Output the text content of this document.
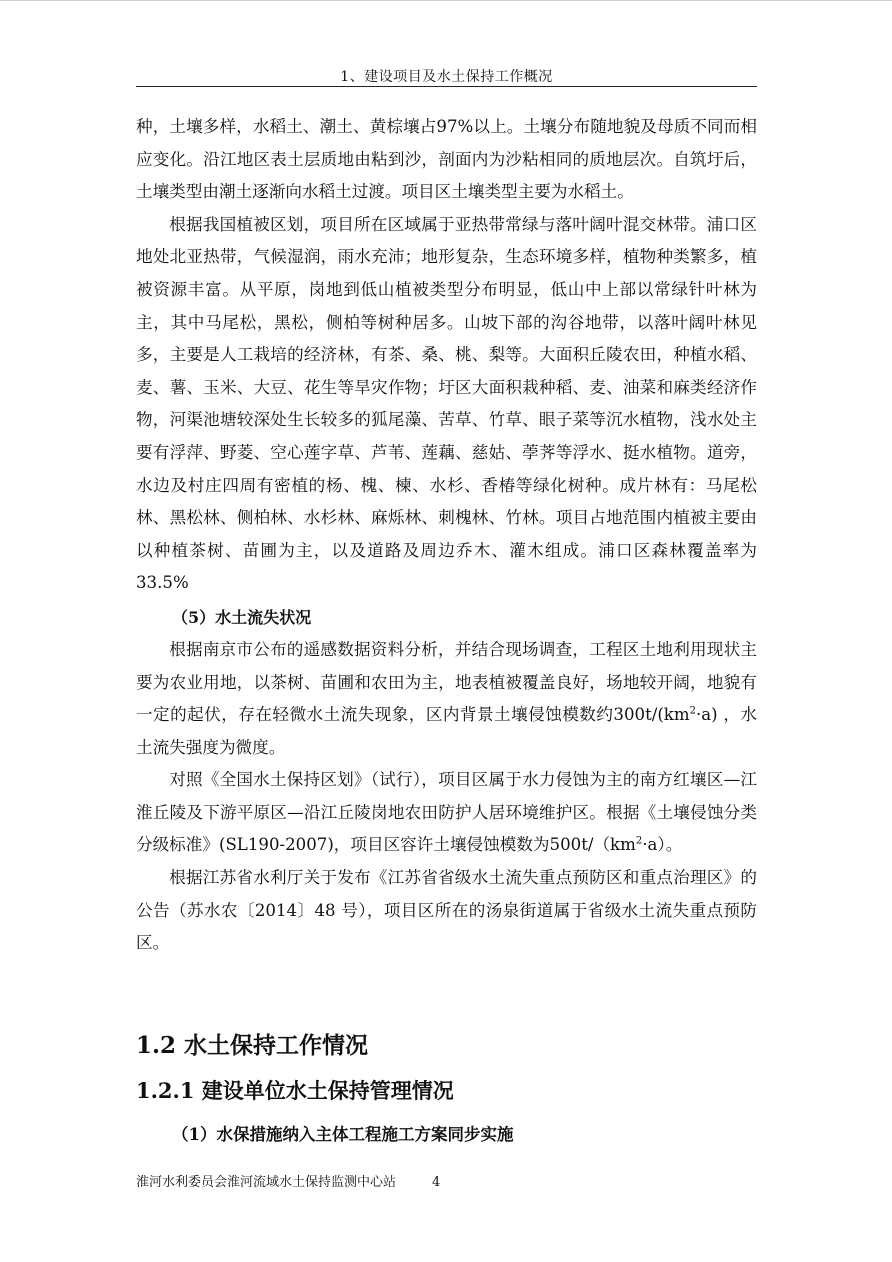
1、建设项目及水土保持工作概况

种，土壤多样，水稻土、潮土、黄棕壤占97%以上。土壤分布随地貌及母质不同而相应变化。沿江地区表土层质地由粘到沙，剖面内为沙粘相同的质地层次。自筑圩后，土壤类型由潮土逐渐向水稻土过渡。项目区土壤类型主要为水稻土。

根据我国植被区划，项目所在区域属于亚热带常绿与落叶阔叶混交林带。浦口区地处北亚热带，气候湿润，雨水充沛；地形复杂，生态环境多样，植物种类繁多，植被资源丰富。从平原，岗地到低山植被类型分布明显，低山中上部以常绿针叶林为主，其中马尾松，黑松，侧柏等树种居多。山坡下部的沟谷地带，以落叶阔叶林见多，主要是人工栽培的经济林，有茶、桑、桃、梨等。大面积丘陵农田，种植水稻、麦、薯、玉米、大豆、花生等旱灾作物；圩区大面积栽种稻、麦、油菜和麻类经济作物，河渠池塘较深处生长较多的狐尾藻、苦草、竹草、眼子菜等沉水植物，浅水处主要有浮萍、野菱、空心莲字草、芦苇、莲藕、慈姑、荸荠等浮水、挺水植物。道旁，水边及村庄四周有密植的杨、槐、楝、水杉、香椿等绿化树种。成片林有：马尾松林、黑松林、侧柏林、水杉林、麻烁林、刺槐林、竹林。项目占地范围内植被主要由以种植茶树、苗圃为主，以及道路及周边乔木、灌木组成。浦口区森林覆盖率为33.5%

（5）水土流失状况

根据南京市公布的遥感数据资料分析，并结合现场调查，工程区土地利用现状主要为农业用地，以茶树、苗圃和农田为主，地表植被覆盖良好，场地较开阔，地貌有一定的起伏，存在轻微水土流失现象，区内背景土壤侵蚀模数约$300t/(km^2\cdot a)$ ，水土流失强度为微度。

对照《全国水土保持区划》（试行），项目区属于水力侵蚀为主的南方红壤区—江淮丘陵及下游平原区—沿江丘陵岗地农田防护人居环境维护区。根据《土壤侵蚀分类分级标准》(SL190-2007)，项目区容许土壤侵蚀模数为$500t/(km^2\cdot a)$。

根据江苏省水利厅关于发布《江苏省省级水土流失重点预防区和重点治理区》的公告（苏水农〔2014〕48 号），项目区所在的汤泉街道属于省级水土流失重点预防区。

1.2 水土保持工作情况
1.2.1 建设单位水土保持管理情况
（1）水保措施纳入主体工程施工方案同步实施
淮河水利委员会淮河流域水土保持监测中心站	4
